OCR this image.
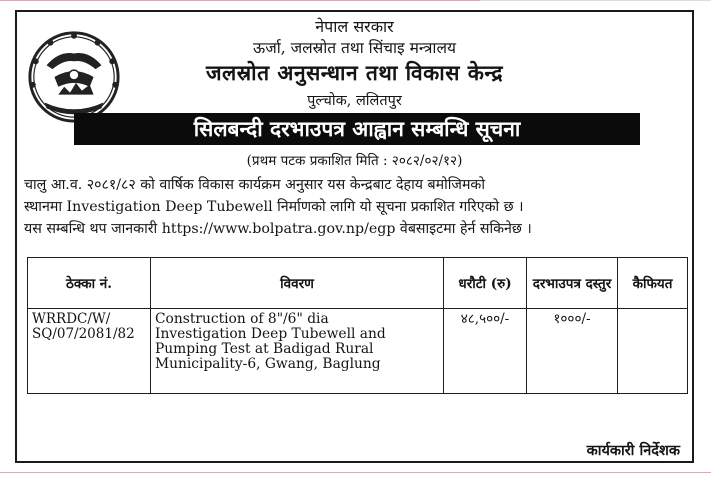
नेपाल सरकार
ऊर्जा, जलस्रोत तथा सिंचाइ मन्त्रालय
जलस्रोत अनुसन्धान तथा विकास केन्द्र
पुल्चोक, ललितपुर
सिलबन्दी दरभाउपत्र आह्वान सम्बन्धि सूचना
(प्रथम पटक प्रकाशित मिति : २०८२/०२/१२)
चालु आ.व. २०८१/८२ को वार्षिक विकास कार्यक्रम अनुसार यस केन्द्रबाट देहाय बमोजिमको
स्थानमा Investigation Deep Tubewell निर्माणको लागि यो सूचना प्रकाशित गरिएको छ ।
यस सम्बन्धि थप जानकारी https://www.bolpatra.gov.np/egp वेबसाइटमा हेर्न सकिनेछ ।
ठेक्का नं.	विवरण	धरौटी (रु)	दरभाउपत्र दस्तुर	कैफियत
WRRDC/W/ SQ/07/2081/82	Construction of 8"/6" dia
Investigation Deep Tubewell and
Pumping Test at Badigad Rural
Municipality-6, Gwang, Baglung	४८,५००/-	१०००/-	
कार्यकारी निर्देशक
